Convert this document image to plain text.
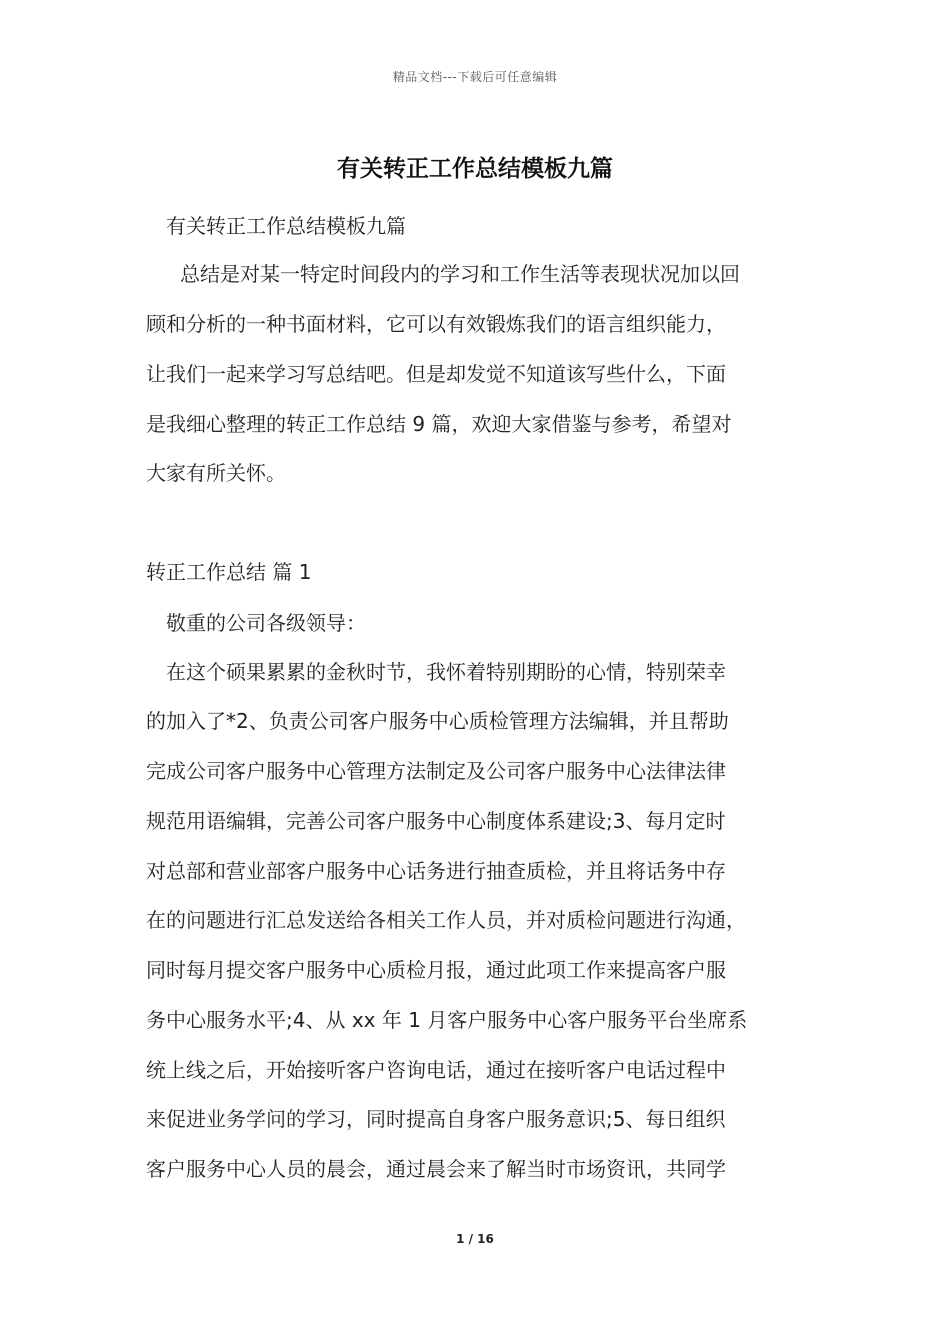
精品文档---下载后可任意编辑
有关转正工作总结模板九篇
有关转正工作总结模板九篇
总结是对某一特定时间段内的学习和工作生活等表现状况加以回
顾和分析的一种书面材料，它可以有效锻炼我们的语言组织能力，
让我们一起来学习写总结吧。但是却发觉不知道该写些什么，下面
是我细心整理的转正工作总结 9 篇，欢迎大家借鉴与参考，希望对
大家有所关怀。
转正工作总结 篇 1
敬重的公司各级领导：
在这个硕果累累的金秋时节，我怀着特别期盼的心情，特别荣幸
的加入了*2、负责公司客户服务中心质检管理方法编辑，并且帮助
完成公司客户服务中心管理方法制定及公司客户服务中心法律法律
规范用语编辑，完善公司客户服务中心制度体系建设;3、每月定时
对总部和营业部客户服务中心话务进行抽查质检，并且将话务中存
在的问题进行汇总发送给各相关工作人员，并对质检问题进行沟通，
同时每月提交客户服务中心质检月报，通过此项工作来提高客户服
务中心服务水平;4、从 xx 年 1 月客户服务中心客户服务平台坐席系
统上线之后，开始接听客户咨询电话，通过在接听客户电话过程中
来促进业务学问的学习，同时提高自身客户服务意识;5、每日组织
客户服务中心人员的晨会，通过晨会来了解当时市场资讯，共同学
1 / 16
